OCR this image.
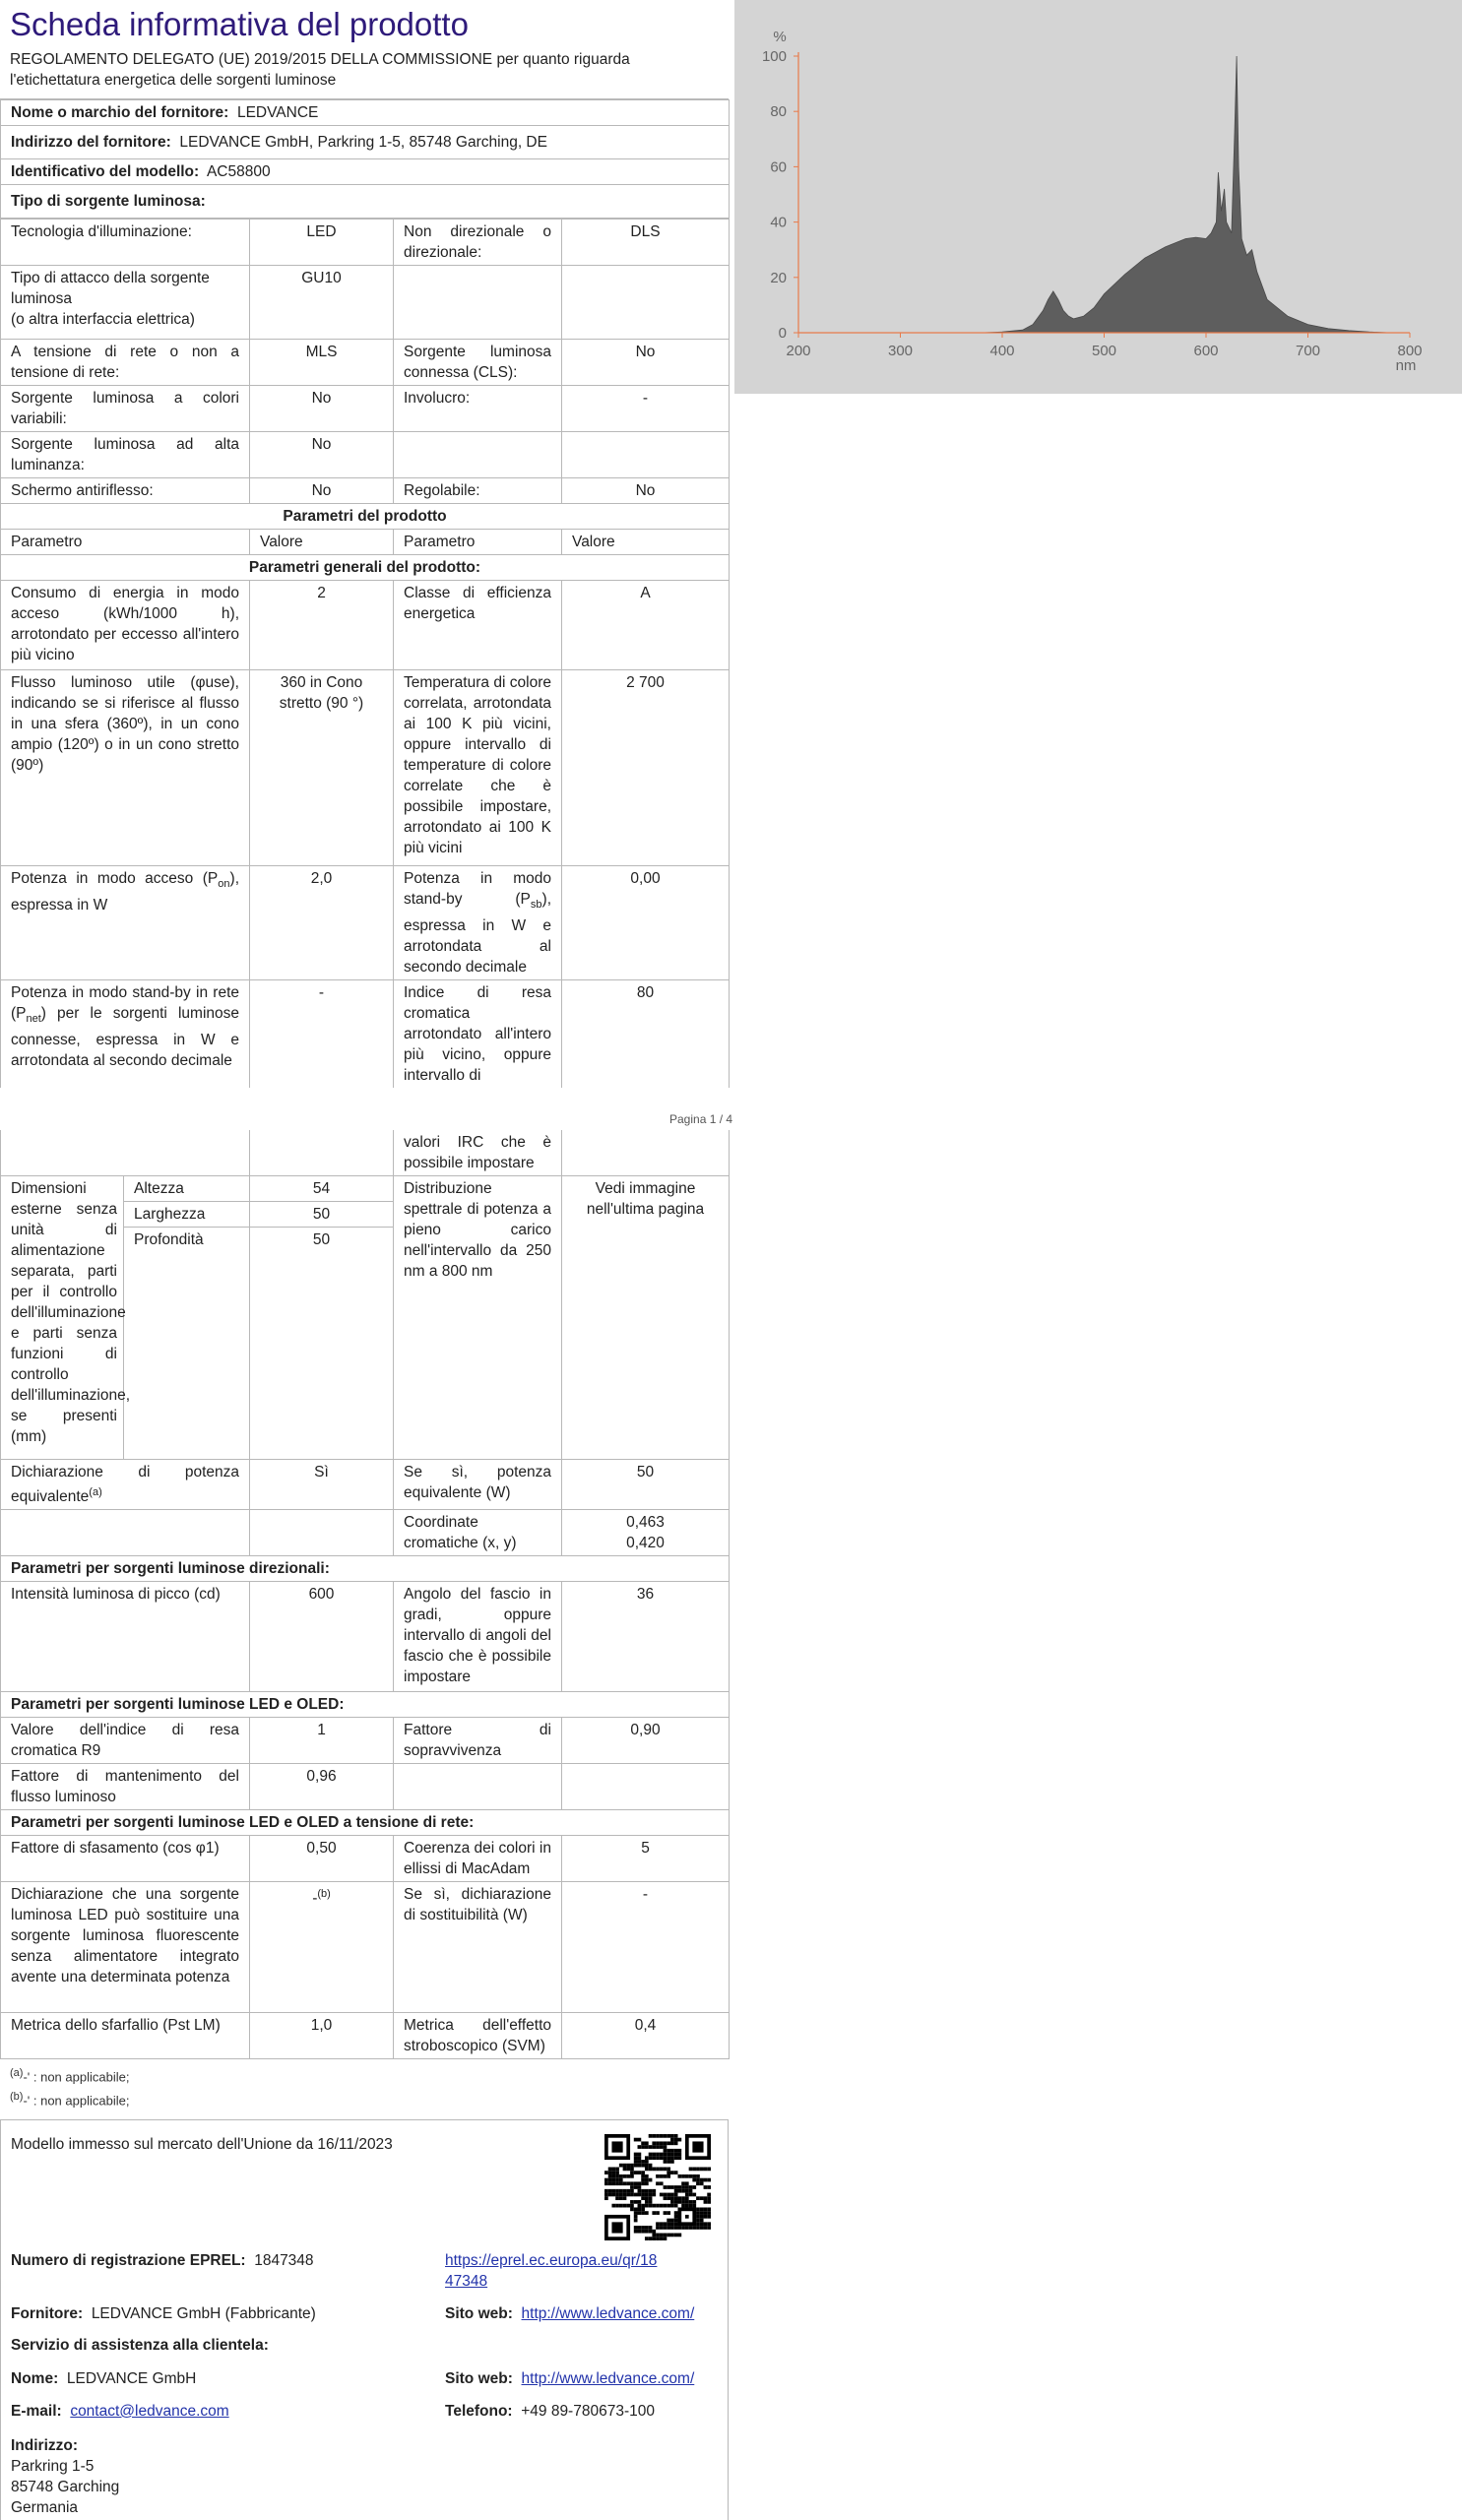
Scheda informativa del prodotto
REGOLAMENTO DELEGATO (UE) 2019/2015 DELLA COMMISSIONE per quanto riguarda l'etichettatura energetica delle sorgenti luminose
Nome o marchio del fornitore: LEDVANCE
Indirizzo del fornitore: LEDVANCE GmbH, Parkring 1-5, 85748 Garching, DE
Identificativo del modello: AC58800
Tipo di sorgente luminosa:
Tecnologia d'illuminazione:	LED	Non direzionale o direzionale:	DLS

Tipo di attacco della sorgente luminosa
(o altra interfaccia elettrica)	GU10		
A tensione di rete o non a tensione di rete:	MLS	Sorgente luminosa connessa (CLS):	No
Sorgente luminosa a colori variabili:	No	Involucro:	-
Sorgente luminosa ad alta luminanza:	No		
Schermo antiriflesso:	No	Regolabile:	No
Parametri del prodotto			
Parametro	Valore	Parametro	Valore
Parametri generali del prodotto:			
Consumo di energia in modo acceso (kWh/1000 h), arrotondato per eccesso all'intero più vicino	2	Classe di efficienza energetica	A
Flusso luminoso utile (φuse), indicando se si riferisce al flusso in una sfera (360º), in un cono ampio (120º) o in un cono stretto (90º)	360 in Cono stretto (90 °)	Temperatura di colore correlata, arrotondata ai 100 K più vicini, oppure intervallo di temperature di colore correlate che è possibile impostare, arrotondato ai 100 K più vicini	2 700
Potenza in modo acceso $(P_{on})$, espressa in W	2,0	Potenza in modo stand-by $(P_{sb})$, espressa in W e arrotondata al secondo decimale	0,00
Potenza in modo stand-by in rete $(P_{net})$ per le sorgenti luminose connesse, espressa in W e arrotondata al secondo decimale	-	Indice di resa cromatica arrotondato all'intero più vicino, oppure intervallo di	80
Pagina 1 / 4
0
20
40
60
80
100
200	300	400	500	600	700	800
%
nm
			valori IRC che è possibile impostare	
Dimensioni esterne senza unità di alimentazione separata, parti per il controllo dell'illuminazione e parti senza funzioni di controllo dell'illuminazione, se presenti (mm)	Altezza	54	Distribuzione spettrale di potenza a pieno carico nell'intervallo da 250 nm a 800 nm	Vedi immagine nell'ultima pagina
	Larghezza	50		
	Profondità	50		
Dichiarazione di potenza equivalente$^{(a)}$		Sì	Se sì, potenza equivalente (W)	50
			Coordinate cromatiche (x, y)	0,463
0,420

Parametri per sorgenti luminose direzionali:				
Intensità luminosa di picco (cd)		600	Angolo del fascio in gradi, oppure intervallo di angoli del fascio che è possibile impostare	36
Parametri per sorgenti luminose LED e OLED:				
Valore dell'indice di resa cromatica R9		1	Fattore di sopravvivenza	0,90
Fattore di mantenimento del flusso luminoso		0,96		
Parametri per sorgenti luminose LED e OLED a tensione di rete:				
Fattore di sfasamento (cos φ1)		0,50	Coerenza dei colori in ellissi di MacAdam	5
Dichiarazione che una sorgente luminosa LED può sostituire una sorgente luminosa fluorescente senza alimentatore integrato avente una determinata potenza		-$^{(b)}$	Se sì, dichiarazione di sostituibilità (W)	-
Metrica dello sfarfallio (Pst LM)		1,0	Metrica dell'effetto stroboscopico (SVM)	0,4
$^{(a)}$-' : non applicabile;
$^{(b)}$-' : non applicabile;
Modello immesso sul mercato dell'Unione da 16/11/2023
Numero di registrazione EPREL: 1847348	https://eprel.ec.europa.eu/qr/18
47348
Fornitore: LEDVANCE GmbH (Fabbricante)	Sito web: http://www.ledvance.com/
Servizio di assistenza alla clientela:
Nome: LEDVANCE GmbH	Sito web: http://www.ledvance.com/
E-mail: contact@ledvance.com	Telefono: +49 89-780673-100
Indirizzo:
Parkring 1-5
85748 Garching
Germania
